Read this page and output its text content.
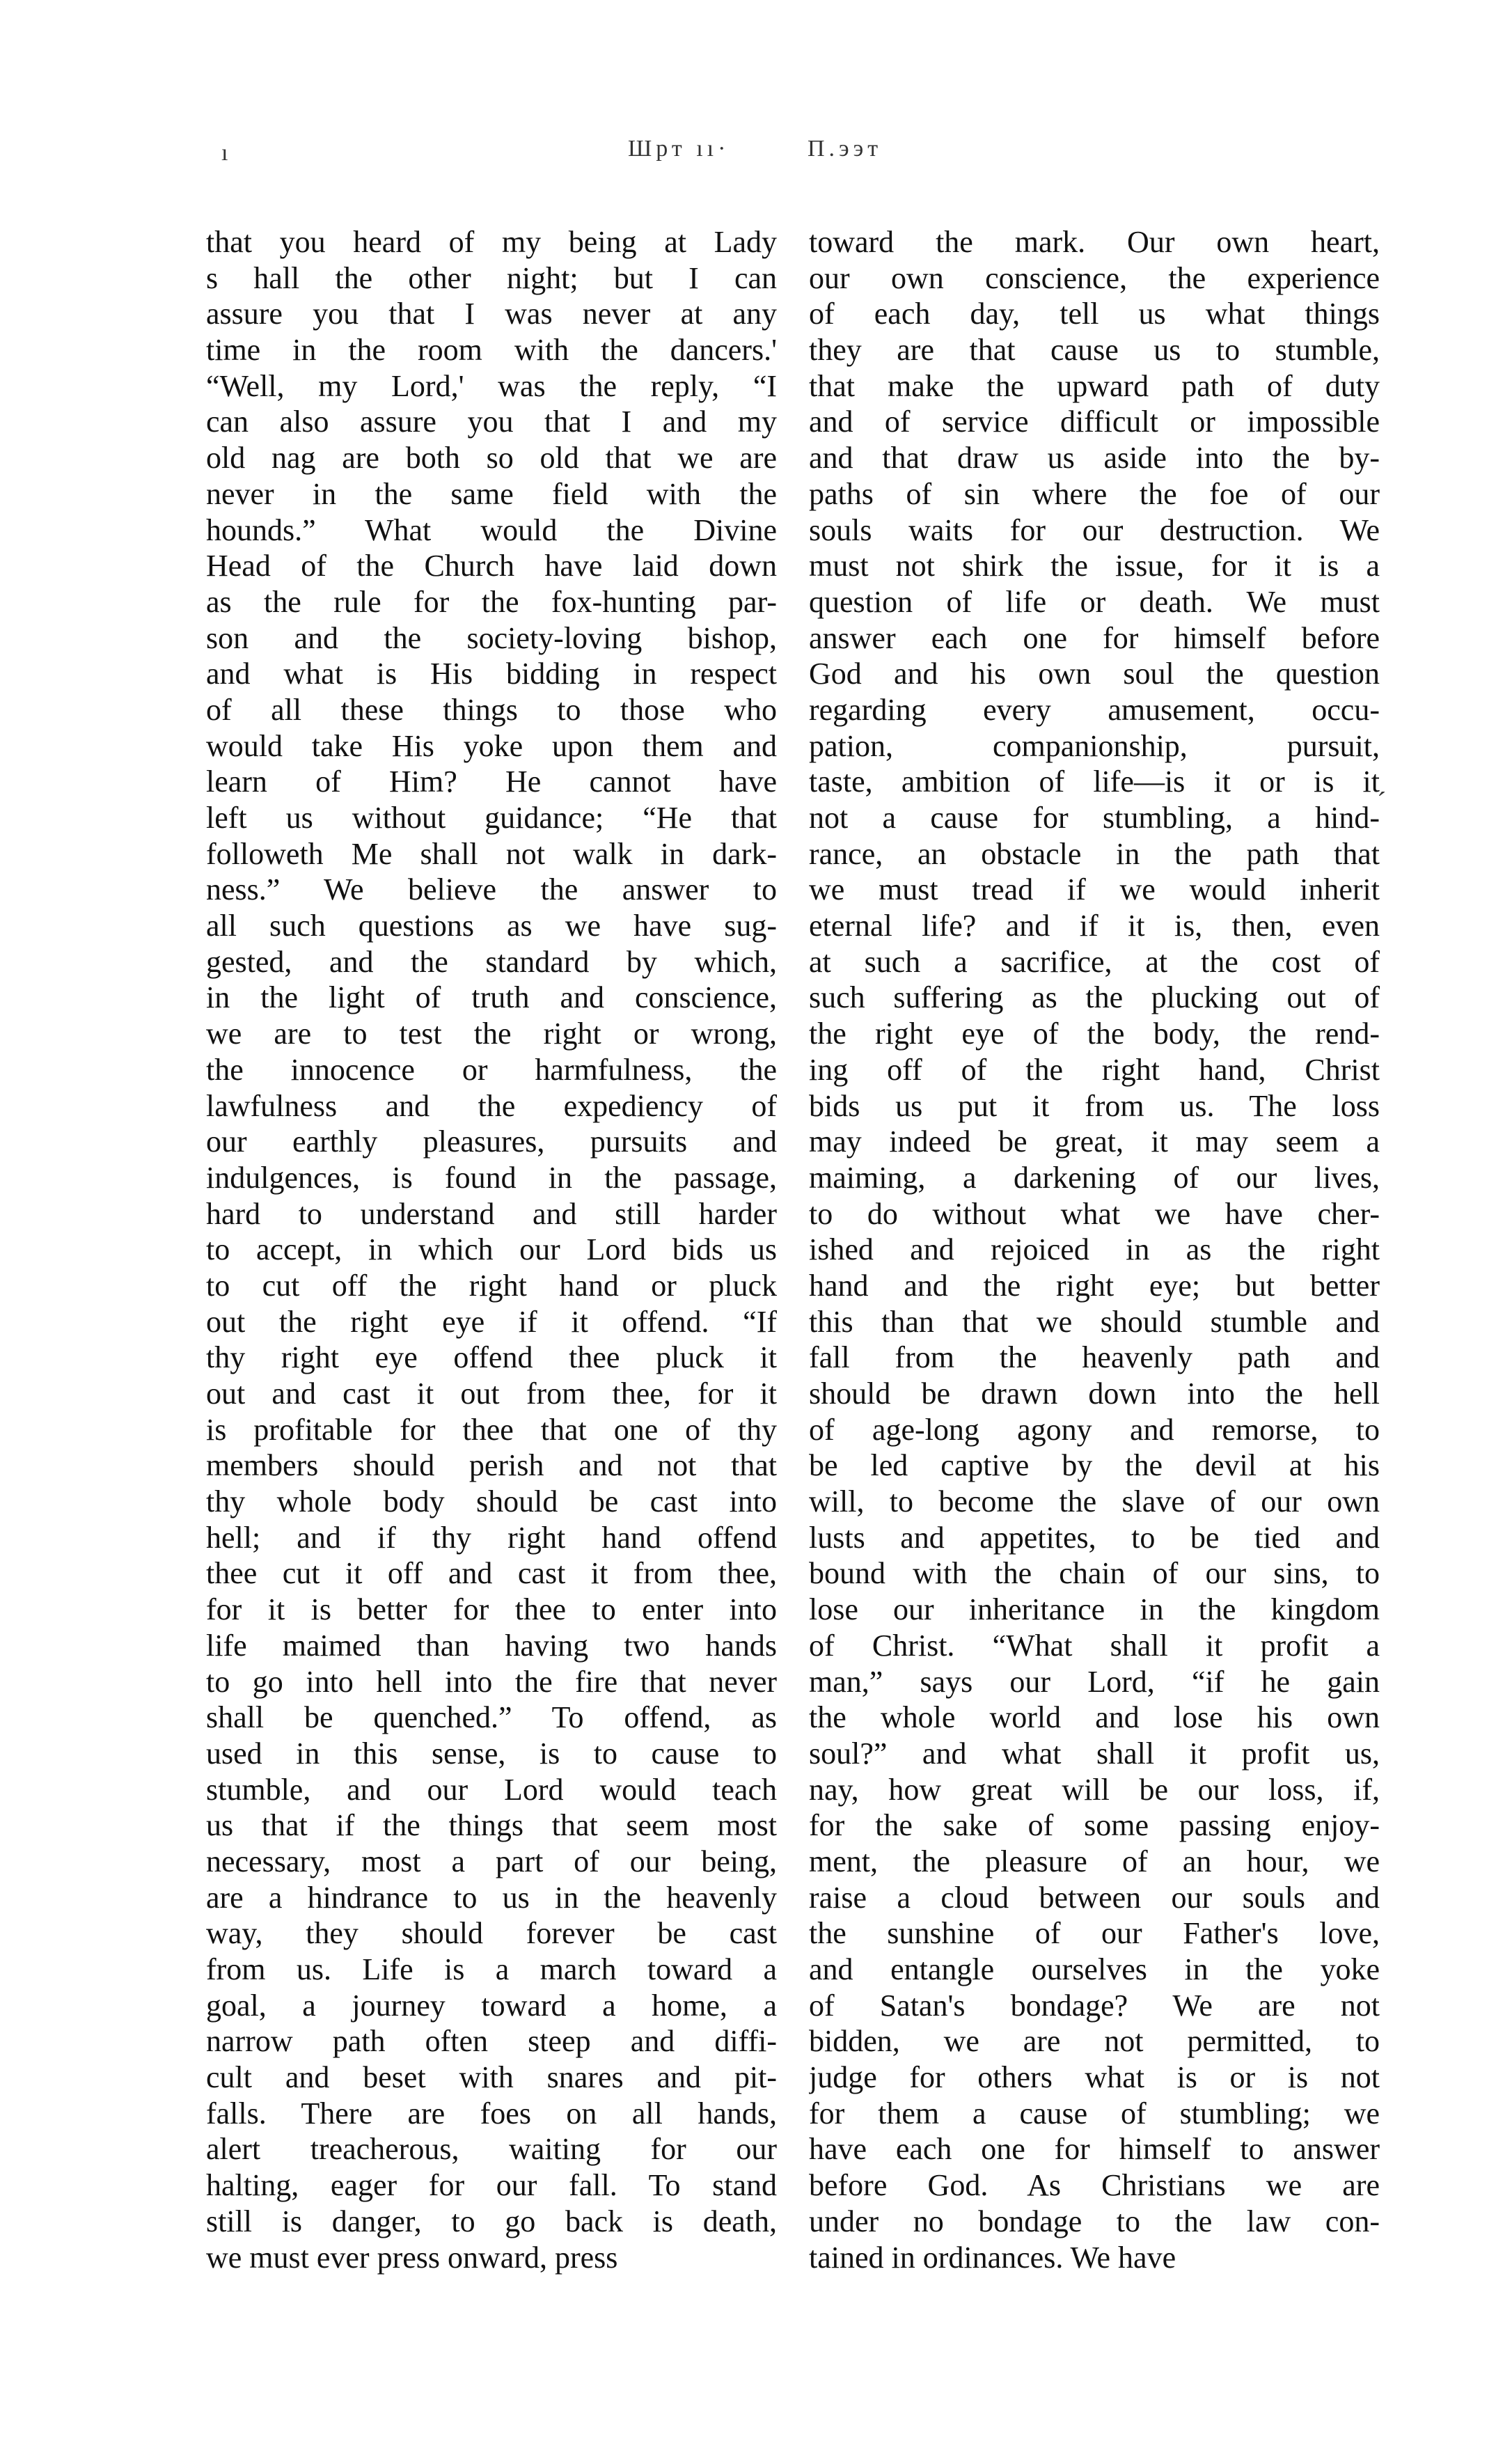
ı	Шрт ıı·	П.ээт
that you heard of my being at Lady
s hall the other night; but I can
assure you that I was never at any
time in the room with the dancers.'
“Well, my Lord,' was the reply, “I
can also assure you that I and my
old nag are both so old that we are
never in the same field with the
hounds.” What would the Divine
Head of the Church have laid down
as the rule for the fox-hunting par-
son and the society-loving bishop,
and what is His bidding in respect
of all these things to those who
would take His yoke upon them and
learn of Him? He cannot have
left us without guidance; “He that
followeth Me shall not walk in dark-
ness.” We believe the answer to
all such questions as we have sug-
gested, and the standard by which,
in the light of truth and conscience,
we are to test the right or wrong,
the innocence or harmfulness, the
lawfulness and the expediency of
our earthly pleasures, pursuits and
indulgences, is found in the passage,
hard to understand and still harder
to accept, in which our Lord bids us
to cut off the right hand or pluck
out the right eye if it offend. “If
thy right eye offend thee pluck it
out and cast it out from thee, for it
is profitable for thee that one of thy
members should perish and not that
thy whole body should be cast into
hell; and if thy right hand offend
thee cut it off and cast it from thee,
for it is better for thee to enter into
life maimed than having two hands
to go into hell into the fire that never
shall be quenched.” To offend, as
used in this sense, is to cause to
stumble, and our Lord would teach
us that if the things that seem most
necessary, most a part of our being,
are a hindrance to us in the heavenly
way, they should forever be cast
from us. Life is a march toward a
goal, a journey toward a home, a
narrow path often steep and diffi-
cult and beset with snares and pit-
falls. There are foes on all hands,
alert treacherous, waiting for our
halting, eager for our fall. To stand
still is danger, to go back is death,
we must ever press onward, press
toward the mark. Our own heart,
our own conscience, the experience
of each day, tell us what things
they are that cause us to stumble,
that make the upward path of duty
and of service difficult or impossible
and that draw us aside into the by-
paths of sin where the foe of our
souls waits for our destruction. We
must not shirk the issue, for it is a
question of life or death. We must
answer each one for himself before
God and his own soul the question
regarding every amusement, occu-
pation, companionship, pursuit,
taste, ambition of life—is it or is it
not a cause for stumbling, a hind-
rance, an obstacle in the path that
we must tread if we would inherit
eternal life? and if it is, then, even
at such a sacrifice, at the cost of
such suffering as the plucking out of
the right eye of the body, the rend-
ing off of the right hand, Christ
bids us put it from us. The loss
may indeed be great, it may seem a
maiming, a darkening of our lives,
to do without what we have cher-
ished and rejoiced in as the right
hand and the right eye; but better
this than that we should stumble and
fall from the heavenly path and
should be drawn down into the hell
of age-long agony and remorse, to
be led captive by the devil at his
will, to become the slave of our own
lusts and appetites, to be tied and
bound with the chain of our sins, to
lose our inheritance in the kingdom
of Christ. “What shall it profit a
man,” says our Lord, “if he gain
the whole world and lose his own
soul?” and what shall it profit us,
nay, how great will be our loss, if,
for the sake of some passing enjoy-
ment, the pleasure of an hour, we
raise a cloud between our souls and
the sunshine of our Father's love,
and entangle ourselves in the yoke
of Satan's bondage? We are not
bidden, we are not permitted, to
judge for others what is or is not
for them a cause of stumbling; we
have each one for himself to answer
before God. As Christians we are
under no bondage to the law con-
tained in ordinances. We have
ˊ
